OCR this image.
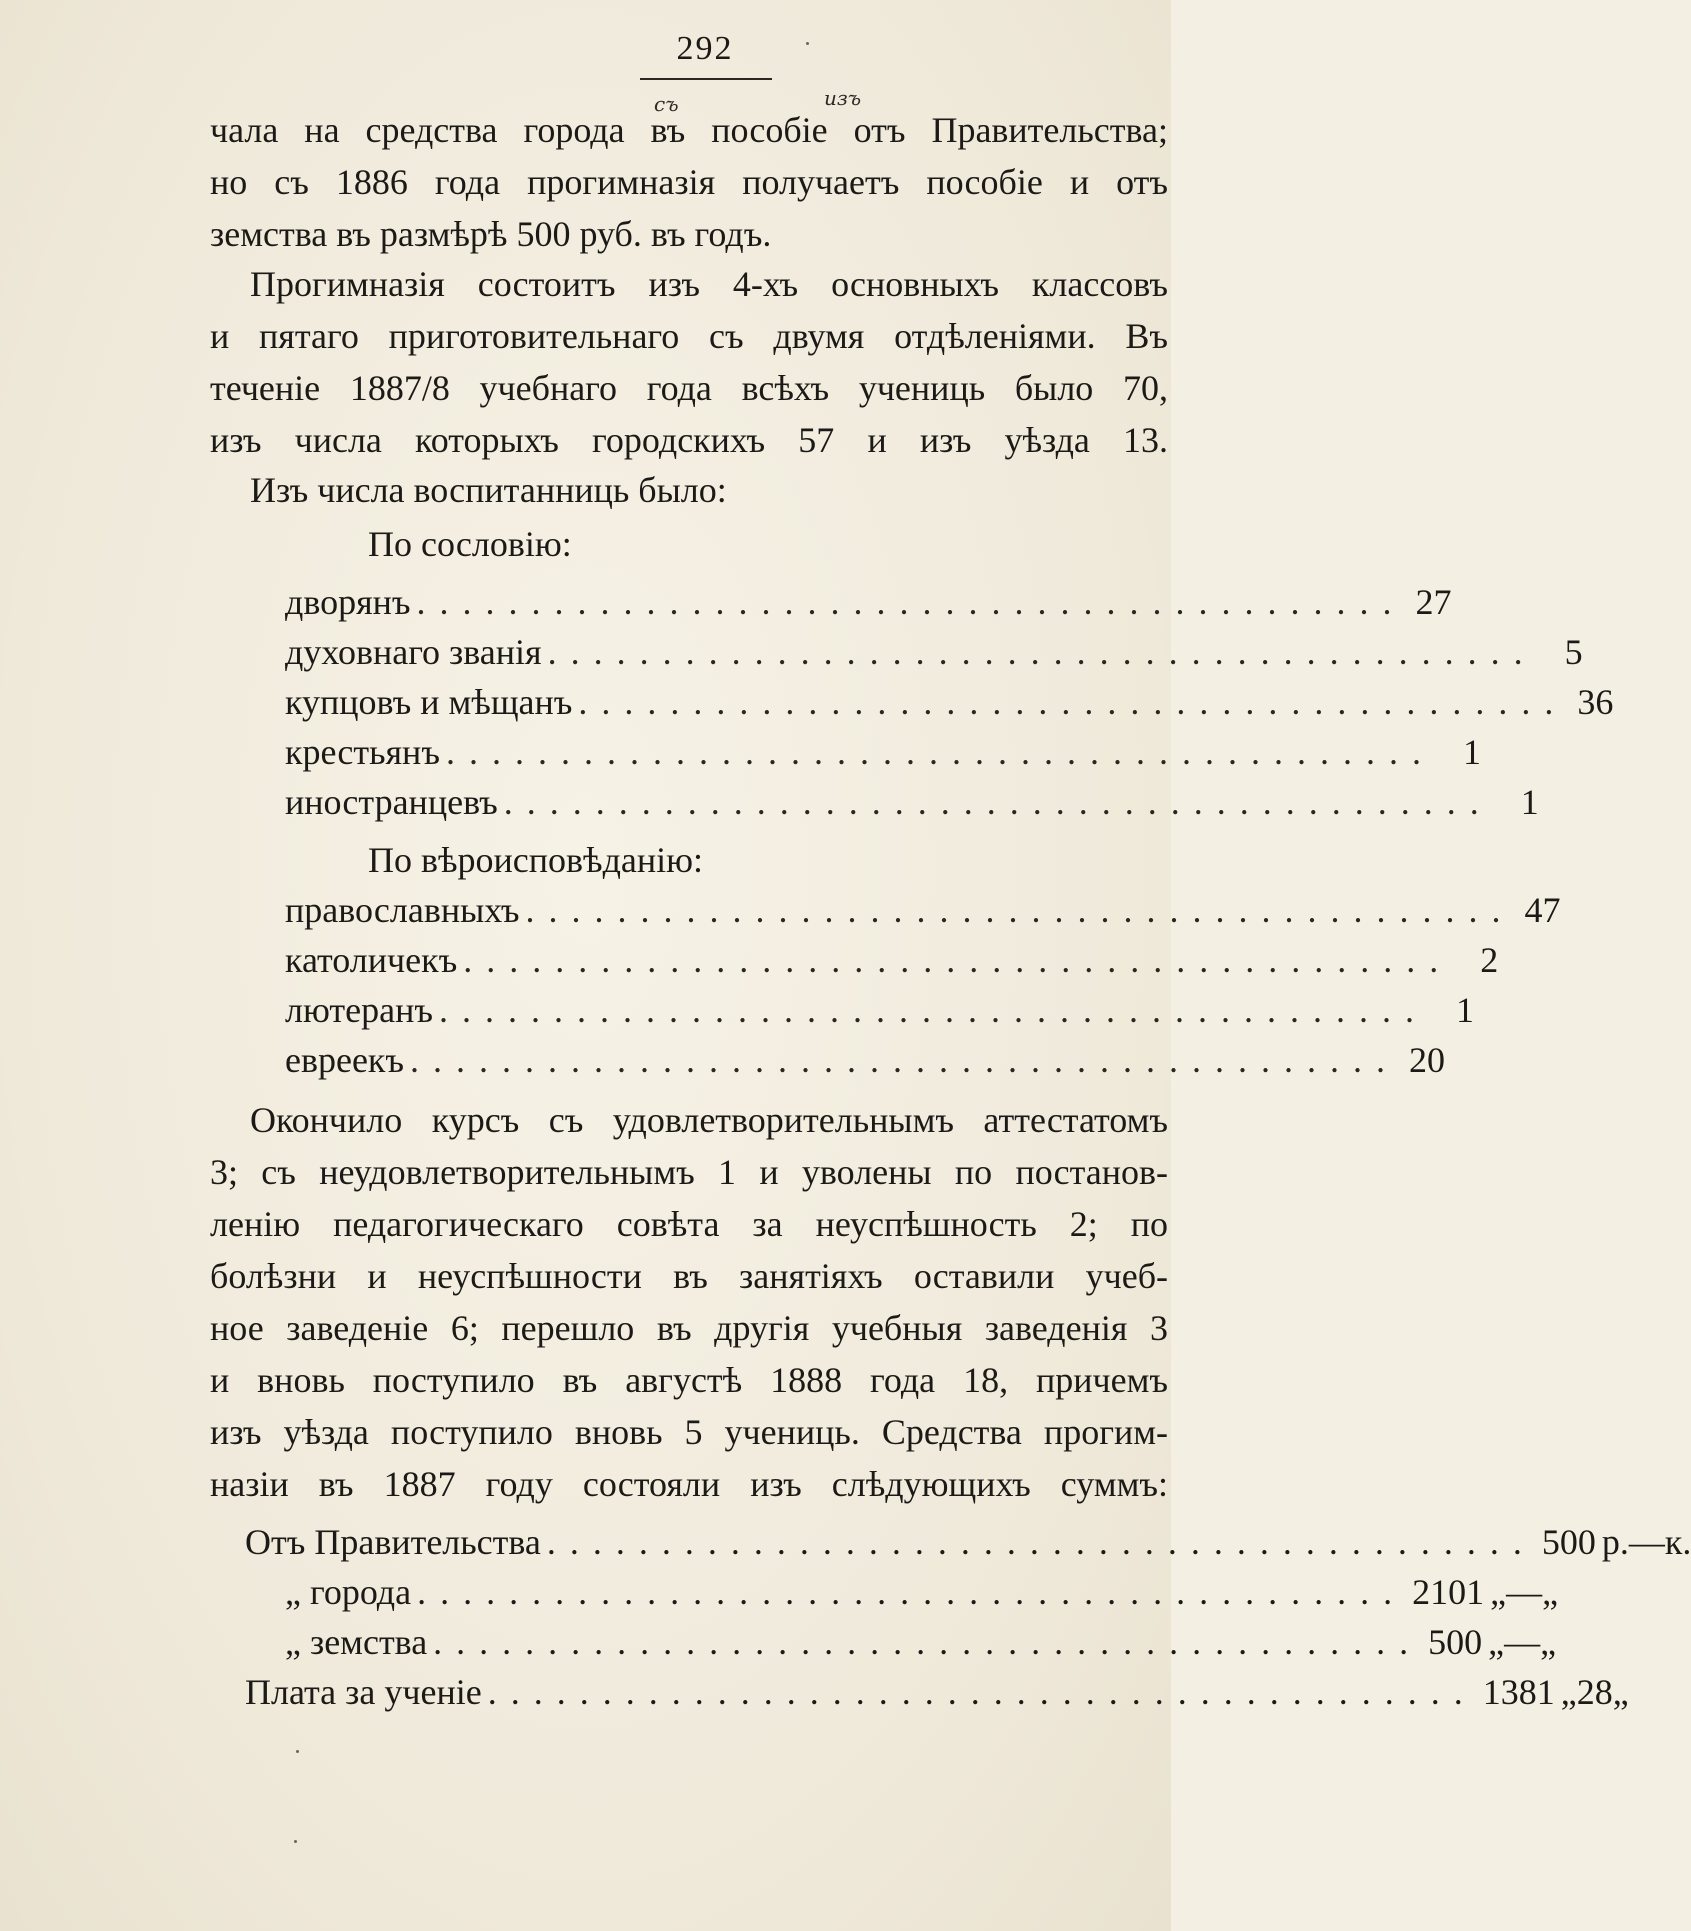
292
съ	изъ
чала на средства города въ пособіе отъ Правительства;
но съ 1886 года прогимназія получаетъ пособіе и отъ
земства въ размѣрѣ 500 руб. въ годъ.
Прогимназія состоитъ изъ 4-хъ основныхъ классовъ
и пятаго приготовительнаго съ двумя отдѣленіями. Въ
теченіе 1887/8 учебнаго года всѣхъ учениць было 70,
изъ числа которыхъ городскихъ 57 и изъ уѣзда 13.
Изъ числа воспитанниць было:
По сословію:
дворянъ ........................................... 27
духовнаго званія ........................................... 5
купцовъ и мѣщанъ ........................................... 36
крестьянъ ........................................... 1
иностранцевъ ........................................... 1
По вѣроисповѣданію:
православныхъ ........................................... 47
католичекъ ........................................... 2
лютеранъ ........................................... 1
евреекъ ........................................... 20
Окончило курсъ съ удовлетворительнымъ аттестатомъ
3; съ неудовлетворительнымъ 1 и уволены по постанов-
ленію педагогическаго совѣта за неуспѣшность 2; по
болѣзни и неуспѣшности въ занятіяхъ оставили учеб-
ное заведеніе 6; перешло въ другія учебныя заведенія 3
и вновь поступило въ августѣ 1888 года 18, причемъ
изъ уѣзда поступило вновь 5 учениць. Средства прогим-
назіи въ 1887 году состояли изъ слѣдующихъ суммъ:
Отъ Правительства ........................................... 500 р. — к.
„ города ........................................... 2101 „ — „
„ земства ........................................... 500 „ — „
Плата за ученіе ........................................... 1381 „ 28 „
